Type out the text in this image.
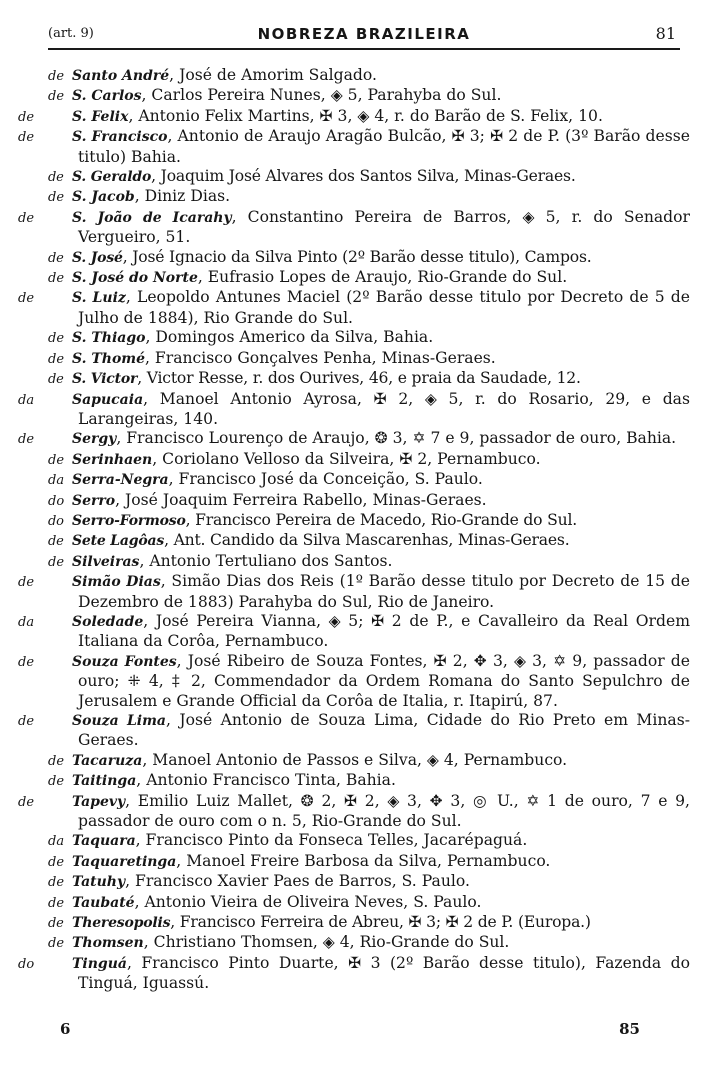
(art. 9)	NOBREZA BRAZILEIRA	81

de Santo André, José de Amorim Salgado.

de S. Carlos, Carlos Pereira Nunes, ◈ 5, Parahyba do Sul.

de	S. Felix, Antonio Felix Martins, ✠ 3, ◈ 4, r. do Barão de S. Felix, 10.

de	S. Francisco, Antonio de Araujo Aragão Bulcão, ✠ 3; ✠ 2 de P. (3º Barão desse titulo) Bahia.

de S. Geraldo, Joaquim José Alvares dos Santos Silva, Minas-Geraes.

de S. Jacob, Diniz Dias.

de	S. João de Icarahy, Constantino Pereira de Barros, ◈ 5, r. do Senador Vergueiro, 51.

de S. José, José Ignacio da Silva Pinto (2º Barão desse titulo), Campos.

de S. José do Norte, Eufrasio Lopes de Araujo, Rio-Grande do Sul.

de	S. Luiz, Leopoldo Antunes Maciel (2º Barão desse titulo por Decreto de 5 de Julho de 1884), Rio Grande do Sul.

de S. Thiago, Domingos Americo da Silva, Bahia.

de S. Thomé, Francisco Gonçalves Penha, Minas-Geraes.

de S. Victor, Victor Resse, r. dos Ourives, 46, e praia da Saudade, 12.

da	Sapucaia, Manoel Antonio Ayrosa, ✠ 2, ◈ 5, r. do Rosario, 29, e das Larangeiras, 140.

de	Sergy, Francisco Lourenço de Araujo, ❂ 3, ✡ 7 e 9, passador de ouro, Bahia.

de Serinhaen, Coriolano Velloso da Silveira, ✠ 2, Pernambuco.

da Serra-Negra, Francisco José da Conceição, S. Paulo.

do Serro, José Joaquim Ferreira Rabello, Minas-Geraes.

do Serro-Formoso, Francisco Pereira de Macedo, Rio-Grande do Sul.

de Sete Lagôas, Ant. Candido da Silva Mascarenhas, Minas-Geraes.

de Silveiras, Antonio Tertuliano dos Santos.

de	Simão Dias, Simão Dias dos Reis (1º Barão desse titulo por Decreto de 15 de Dezembro de 1883) Parahyba do Sul, Rio de Janeiro.

da	Soledade, José Pereira Vianna, ◈ 5; ✠ 2 de P., e Cavalleiro da Real Ordem Italiana da Corôa, Pernambuco.

de	Souza Fontes, José Ribeiro de Souza Fontes, ✠ 2, ✥ 3, ◈ 3, ✡ 9, passador de ouro; ⁜ 4, ‡ 2, Commendador da Ordem Romana do Santo Sepulchro de Jerusalem e Grande Official da Corôa de Italia, r. Itapirú, 87.

de	Souza Lima, José Antonio de Souza Lima, Cidade do Rio Preto em Minas-Geraes.

de Tacaruza, Manoel Antonio de Passos e Silva, ◈ 4, Pernambuco.

de Taitinga, Antonio Francisco Tinta, Bahia.

de	Tapevy, Emilio Luiz Mallet, ❂ 2, ✠ 2, ◈ 3, ✥ 3, ◎ U., ✡ 1 de ouro, 7 e 9, passador de ouro com o n. 5, Rio-Grande do Sul.

da Taquara, Francisco Pinto da Fonseca Telles, Jacarépaguá.

de Taquaretinga, Manoel Freire Barbosa da Silva, Pernambuco.

de Tatuhy, Francisco Xavier Paes de Barros, S. Paulo.

de Taubaté, Antonio Vieira de Oliveira Neves, S. Paulo.

de Theresopolis, Francisco Ferreira de Abreu, ✠ 3; ✠ 2 de P. (Europa.)

de Thomsen, Christiano Thomsen, ◈ 4, Rio-Grande do Sul.

do	Tinguá, Francisco Pinto Duarte, ✠ 3 (2º Barão desse titulo), Fazenda do Tinguá, Iguassú.

6	85
